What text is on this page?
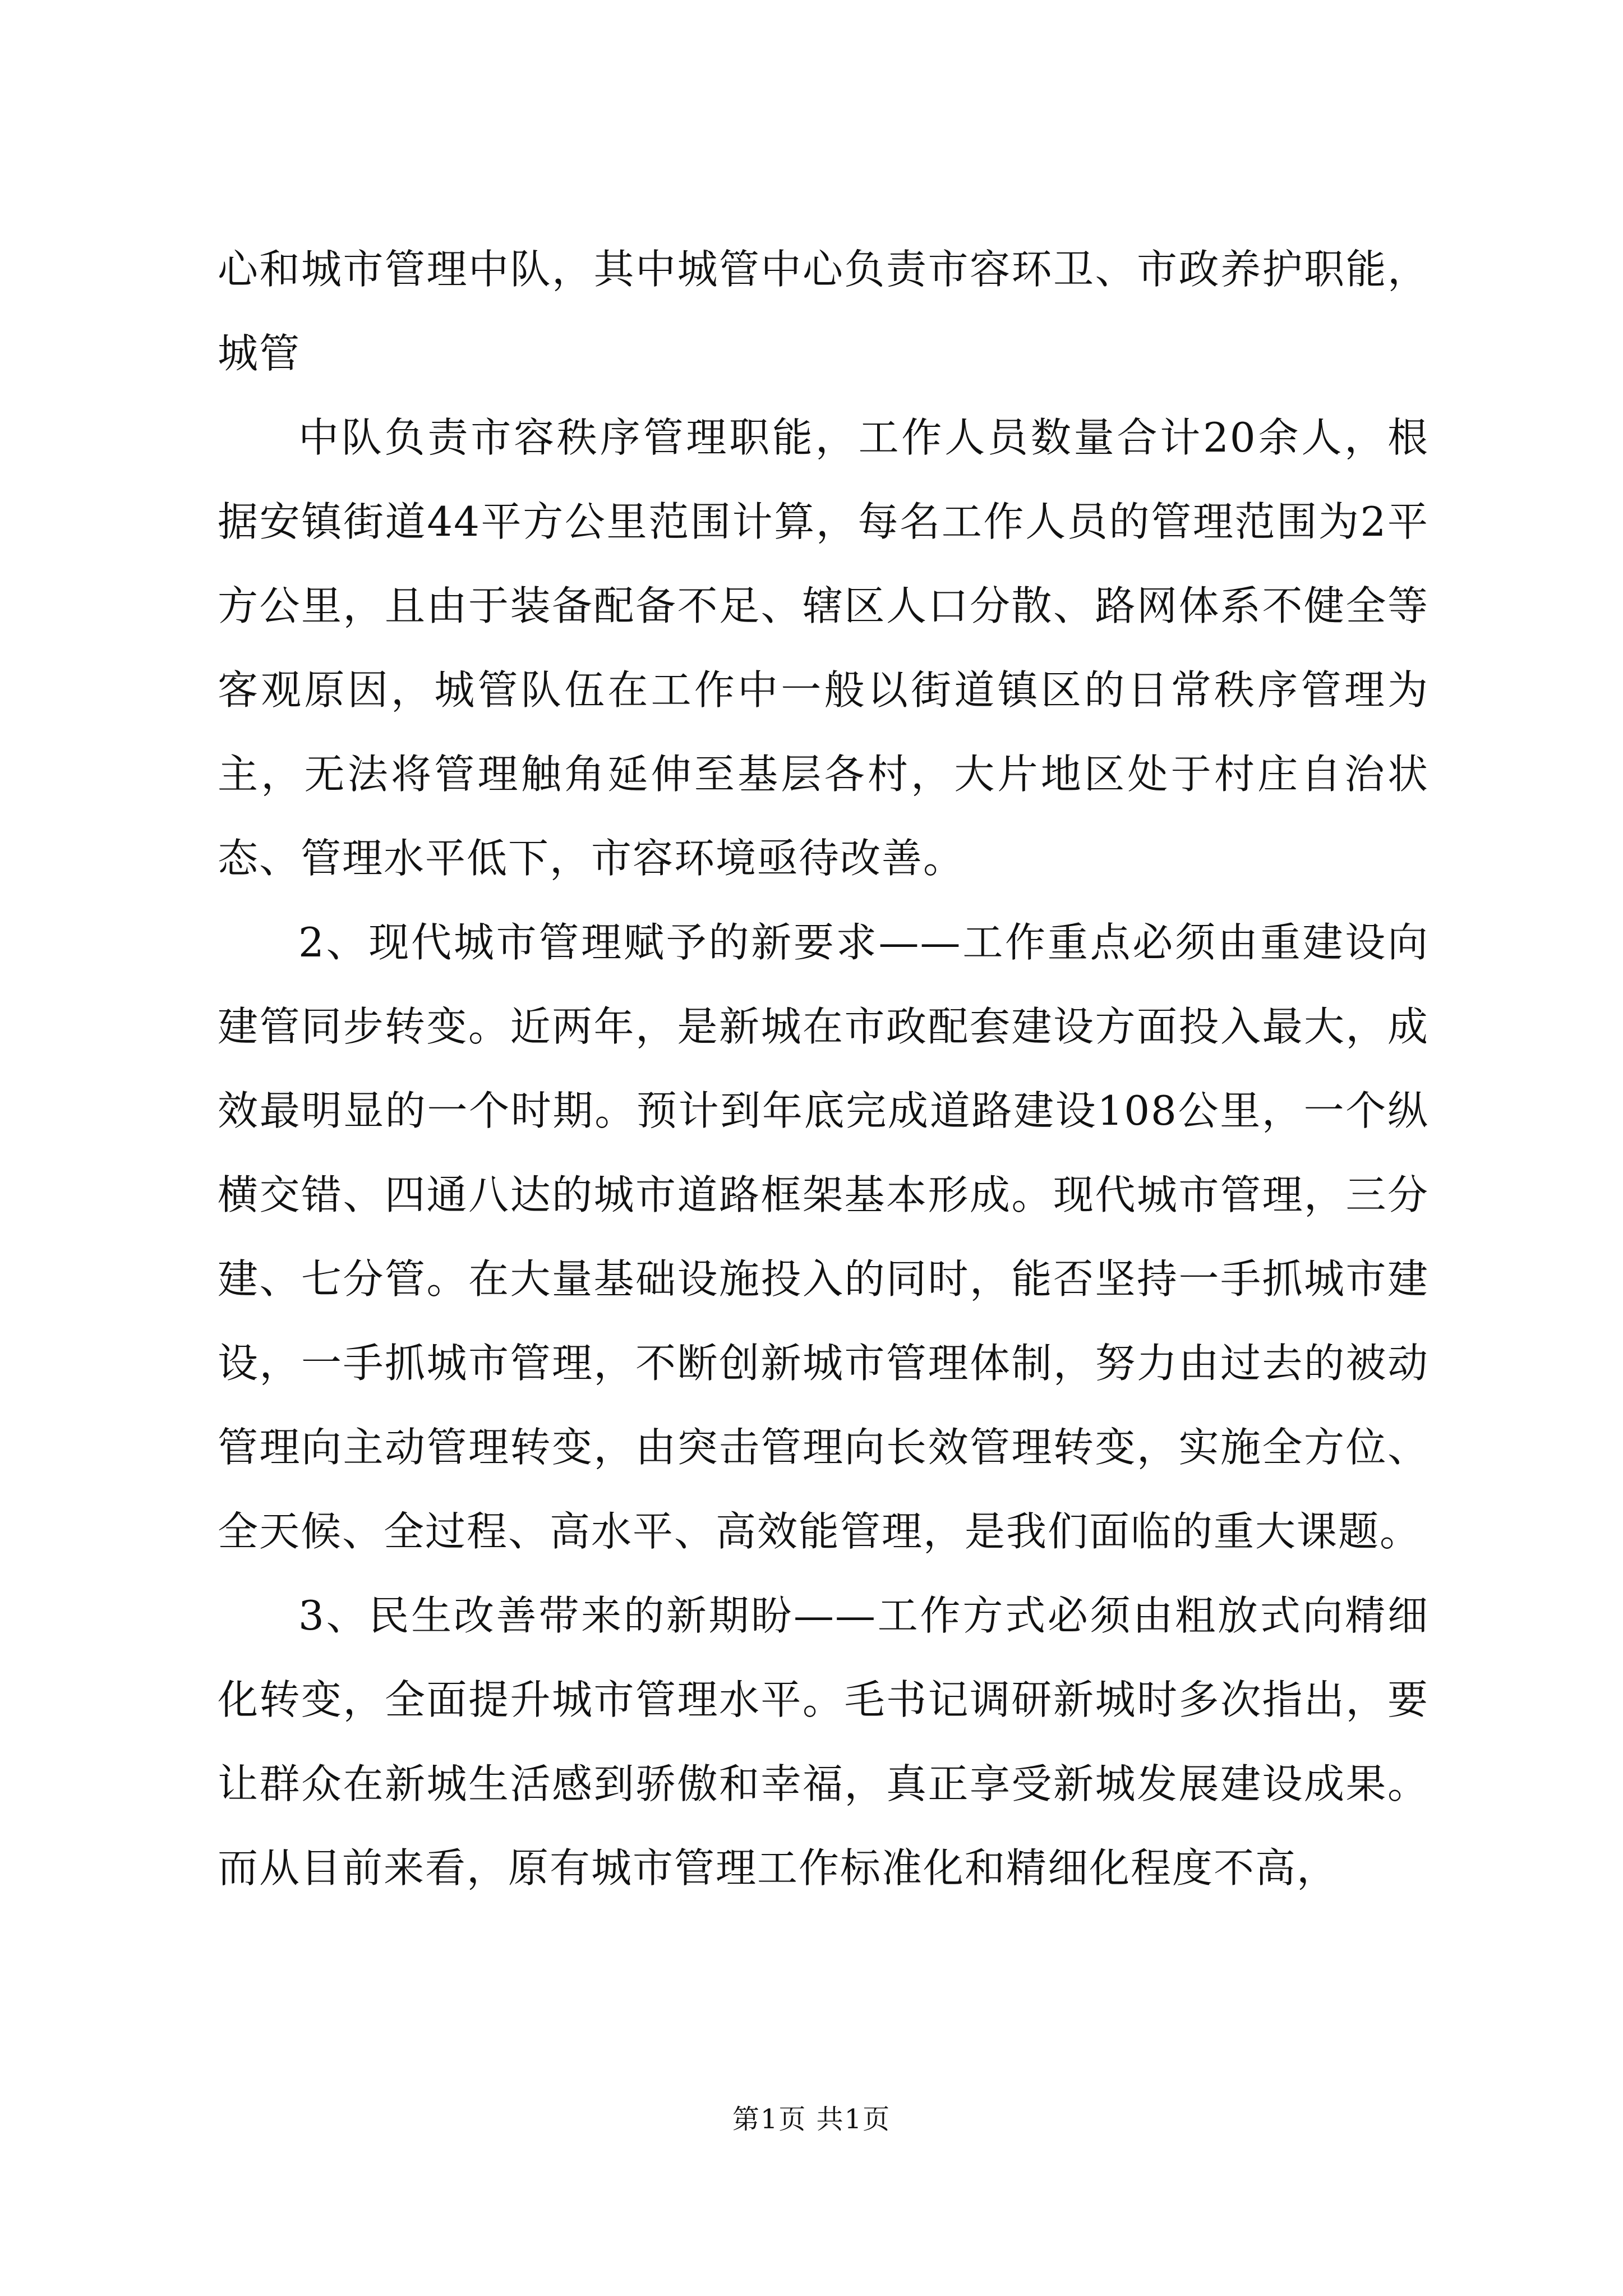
心和城市管理中队，其中城管中心负责市容环卫、市政养护职能，城管

中队负责市容秩序管理职能，工作人员数量合计20余人，根据安镇街道44平方公里范围计算，每名工作人员的管理范围为2平方公里，且由于装备配备不足、辖区人口分散、路网体系不健全等客观原因，城管队伍在工作中一般以街道镇区的日常秩序管理为主，无法将管理触角延伸至基层各村，大片地区处于村庄自治状态、管理水平低下，市容环境亟待改善。

2、现代城市管理赋予的新要求——工作重点必须由重建设向建管同步转变。近两年，是新城在市政配套建设方面投入最大，成效最明显的一个时期。预计到年底完成道路建设108公里，一个纵横交错、四通八达的城市道路框架基本形成。现代城市管理，三分建、七分管。在大量基础设施投入的同时，能否坚持一手抓城市建设，一手抓城市管理，不断创新城市管理体制，努力由过去的被动管理向主动管理转变，由突击管理向长效管理转变，实施全方位、全天候、全过程、高水平、高效能管理，是我们面临的重大课题。

3、民生改善带来的新期盼——工作方式必须由粗放式向精细化转变，全面提升城市管理水平。毛书记调研新城时多次指出，要让群众在新城生活感到骄傲和幸福，真正享受新城发展建设成果。而从目前来看，原有城市管理工作标准化和精细化程度不高，

第1页 共1页
